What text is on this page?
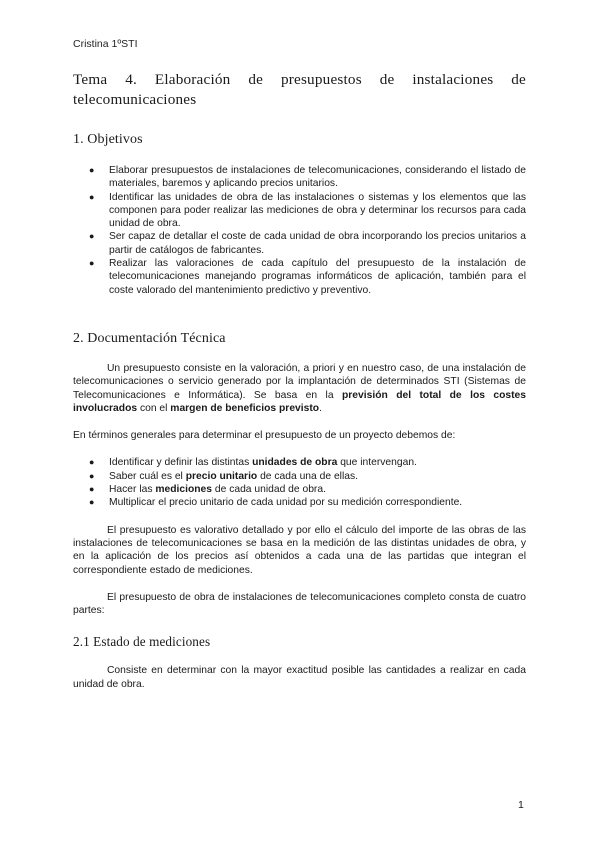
Cristina 1ºSTI
Tema 4. Elaboración de presupuestos de instalaciones de telecomunicaciones
1. Objetivos
● Elaborar presupuestos de instalaciones de telecomunicaciones, considerando el listado de materiales, baremos y aplicando precios unitarios.
● Identificar las unidades de obra de las instalaciones o sistemas y los elementos que las componen para poder realizar las mediciones de obra y determinar los recursos para cada unidad de obra.
● Ser capaz de detallar el coste de cada unidad de obra incorporando los precios unitarios a partir de catálogos de fabricantes.
● Realizar las valoraciones de cada capítulo del presupuesto de la instalación de telecomunicaciones manejando programas informáticos de aplicación, también para el coste valorado del mantenimiento predictivo y preventivo.
2. Documentación Técnica

Un presupuesto consiste en la valoración, a priori y en nuestro caso, de una instalación de telecomunicaciones o servicio generado por la implantación de determinados STI (Sistemas de Telecomunicaciones e Informática). Se basa en la previsión del total de los costes involucrados con el margen de beneficios previsto.

En términos generales para determinar el presupuesto de un proyecto debemos de:

● Identificar y definir las distintas unidades de obra que intervengan.
● Saber cuál es el precio unitario de cada una de ellas.
● Hacer las mediciones de cada unidad de obra.
● Multiplicar el precio unitario de cada unidad por su medición correspondiente.

El presupuesto es valorativo detallado y por ello el cálculo del importe de las obras de las instalaciones de telecomunicaciones se basa en la medición de las distintas unidades de obra, y en la aplicación de los precios así obtenidos a cada una de las partidas que integran el correspondiente estado de mediciones.

El presupuesto de obra de instalaciones de telecomunicaciones completo consta de cuatro partes:

2.1 Estado de mediciones

Consiste en determinar con la mayor exactitud posible las cantidades a realizar en cada unidad de obra.

1
